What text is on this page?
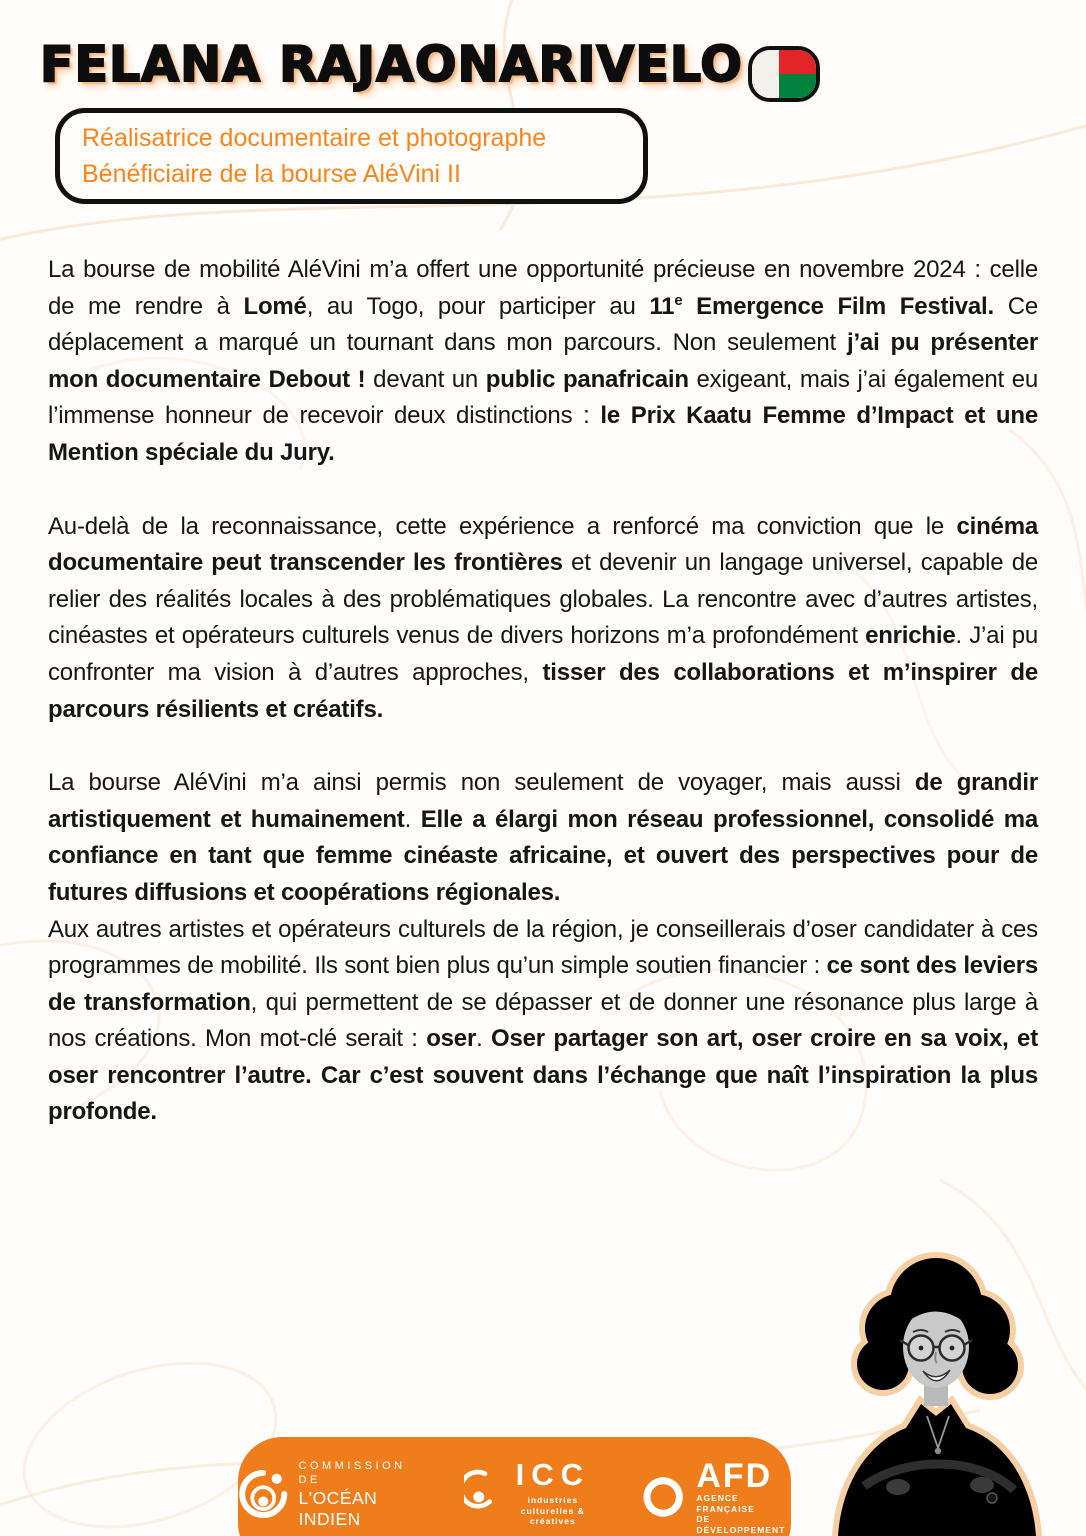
FELANA RAJAONARIVELO
Réalisatrice documentaire et photographe
Bénéficiaire de la bourse AléVini II

La bourse de mobilité AléVini m’a offert une opportunité précieuse en novembre 2024 : celle de me rendre à Lomé, au Togo, pour participer au 11e Emergence Film Festival. Ce déplacement a marqué un tournant dans mon parcours. Non seulement j’ai pu présenter mon documentaire Debout ! devant un public panafricain exigeant, mais j’ai également eu l’immense honneur de recevoir deux distinctions : le Prix Kaatu Femme d’Impact et une Mention spéciale du Jury.

Au-delà de la reconnaissance, cette expérience a renforcé ma conviction que le cinéma documentaire peut transcender les frontières et devenir un langage universel, capable de relier des réalités locales à des problématiques globales. La rencontre avec d’autres artistes, cinéastes et opérateurs culturels venus de divers horizons m’a profondément enrichie. J’ai pu confronter ma vision à d’autres approches, tisser des collaborations et m’inspirer de parcours résilients et créatifs.

La bourse AléVini m’a ainsi permis non seulement de voyager, mais aussi de grandir artistiquement et humainement. Elle a élargi mon réseau professionnel, consolidé ma confiance en tant que femme cinéaste africaine, et ouvert des perspectives pour de futures diffusions et coopérations régionales.

Aux autres artistes et opérateurs culturels de la région, je conseillerais d’oser candidater à ces programmes de mobilité. Ils sont bien plus qu’un simple soutien financier : ce sont des leviers de transformation, qui permettent de se dépasser et de donner une résonance plus large à nos créations. Mon mot-clé serait : oser. Oser partager son art, oser croire en sa voix, et oser rencontrer l’autre. Car c’est souvent dans l’échange que naît l’inspiration la plus profonde.

COMMISSION DE
L'OCÉAN INDIEN
ICC
industries
culturelles & créatives
AFD
AGENCE FRANÇAISE
DE DÉVELOPPEMENT
